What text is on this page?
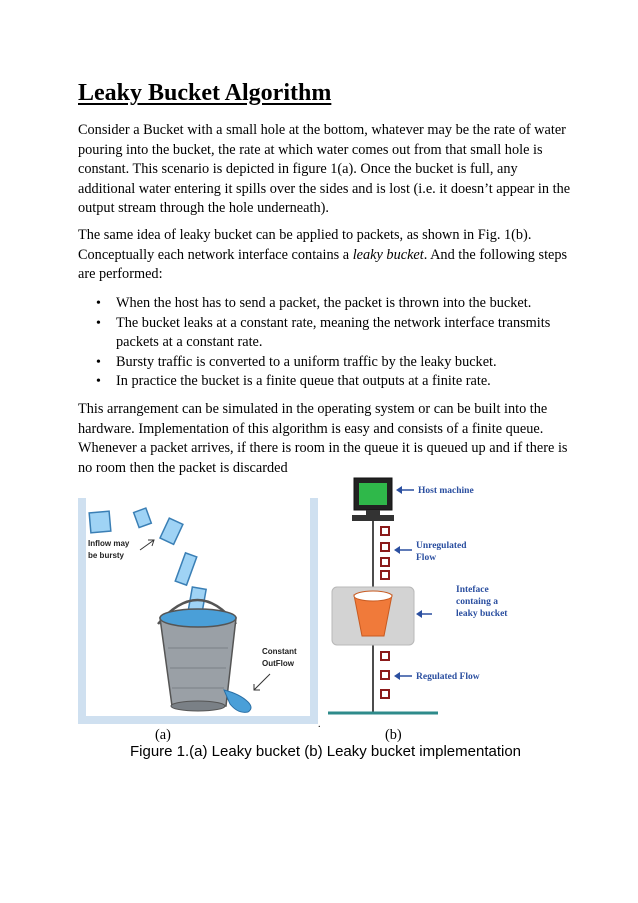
Leaky Bucket Algorithm
Consider a Bucket with a small hole at the bottom, whatever may be the rate of water pouring into the bucket, the rate at which water comes out from that small hole is constant. This scenario is depicted in figure 1(a). Once the bucket is full, any additional water entering it spills over the sides and is lost (i.e. it doesn’t appear in the output stream through the hole underneath).
The same idea of leaky bucket can be applied to packets, as shown in Fig. 1(b). Conceptually each network interface contains a leaky bucket. And the following steps are performed:
• When the host has to send a packet, the packet is thrown into the bucket.
• The bucket leaks at a constant rate, meaning the network interface transmits packets at a constant rate.
• Bursty traffic is converted to a uniform traffic by the leaky bucket.
• In practice the bucket is a finite queue that outputs at a finite rate.
This arrangement can be simulated in the operating system or can be built into the hardware. Implementation of this algorithm is easy and consists of a finite queue. Whenever a packet arrives, if there is room in the queue it is queued up and if there is no room then the packet is discarded
Inflow may
be bursty
Constant
OutFlow
Host machine
Unregulated
Flow
Inteface
containg a
leaky bucket
Regulated Flow
.
(a)	(b)
Figure 1.(a) Leaky bucket (b) Leaky bucket implementation
